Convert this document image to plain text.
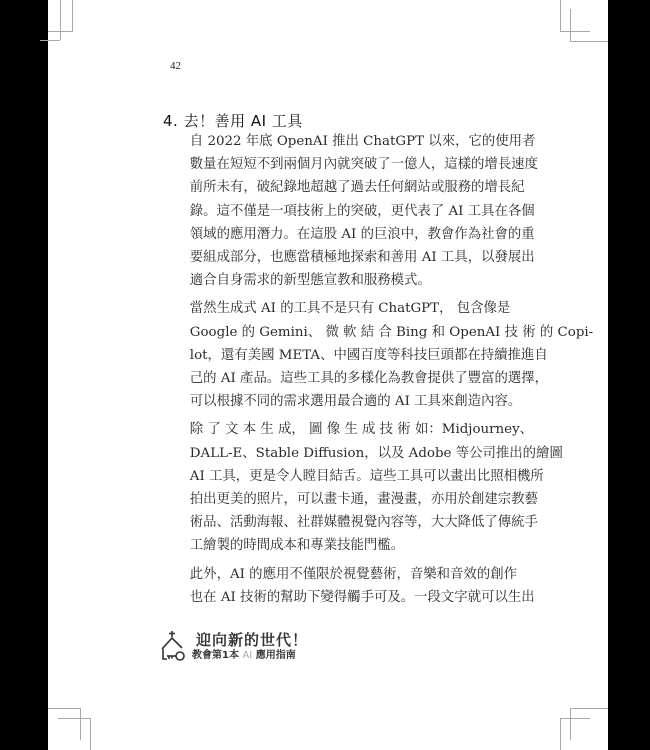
42
4. 去！善用 AI 工具

自 2022 年底 OpenAI 推出 ChatGPT 以來，它的使用者
數量在短短不到兩個月內就突破了一億人，這樣的增長速度
前所未有，破紀錄地超越了過去任何網站或服務的增長紀
錄。這不僅是一項技術上的突破，更代表了 AI 工具在各個
領域的應用潛力。在這股 AI 的巨浪中，教會作為社會的重
要組成部分，也應當積極地探索和善用 AI 工具，以發展出
適合自身需求的新型態宣教和服務模式。

當然生成式 AI 的工具不是只有 ChatGPT， 包含像是
Google 的 Gemini、 微 軟 結 合 Bing 和 OpenAI 技 術 的 Copi-
lot，還有美國 META、中國百度等科技巨頭都在持續推進自
己的 AI 產品。這些工具的多樣化為教會提供了豐富的選擇，
可以根據不同的需求選用最合適的 AI 工具來創造內容。

除 了 文 本 生 成， 圖 像 生 成 技 術 如：Midjourney、
DALL-E、Stable Diffusion，以及 Adobe 等公司推出的繪圖
AI 工具，更是令人瞠目結舌。這些工具可以畫出比照相機所
拍出更美的照片，可以畫卡通，畫漫畫，亦用於創建宗教藝
術品、活動海報、社群媒體視覺內容等，大大降低了傳統手
工繪製的時間成本和專業技能門檻。

此外，AI 的應用不僅限於視覺藝術，音樂和音效的創作
也在 AI 技術的幫助下變得觸手可及。一段文字就可以生出

迎向新的世代！
教會第1本 AI 應用指南
